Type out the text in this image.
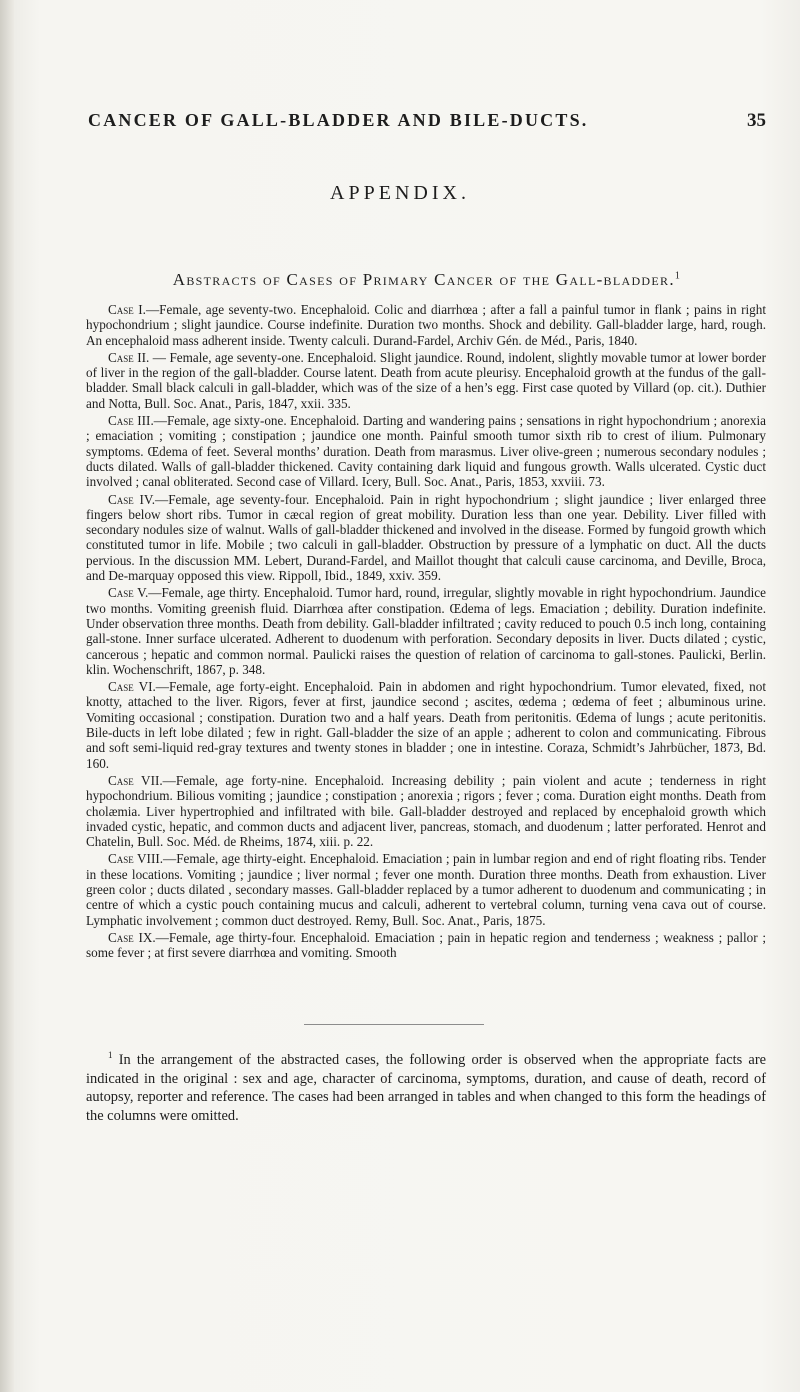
CANCER OF GALL-BLADDER AND BILE-DUCTS.	35
APPENDIX.
Abstracts of Cases of Primary Cancer of the Gall-bladder.$^1$

Case I.—Female, age seventy-two. Encephaloid. Colic and diarrhœa ; after a fall a painful tumor in flank ; pains in right hypochondrium ; slight jaundice. Course indefinite. Duration two months. Shock and debility. Gall-bladder large, hard, rough. An encephaloid mass adherent inside. Twenty calculi. Durand-Fardel, Archiv Gén. de Méd., Paris, 1840.

Case II. — Female, age seventy-one. Encephaloid. Slight jaundice. Round, indolent, slightly movable tumor at lower border of liver in the region of the gall-bladder. Course latent. Death from acute pleurisy. Encephaloid growth at the fundus of the gall-bladder. Small black calculi in gall-bladder, which was of the size of a hen’s egg. First case quoted by Villard (op. cit.). Duthier and Notta, Bull. Soc. Anat., Paris, 1847, xxii. 335.

Case III.—Female, age sixty-one. Encephaloid. Darting and wandering pains ; sensations in right hypochondrium ; anorexia ; emaciation ; vomiting ; constipation ; jaundice one month. Painful smooth tumor sixth rib to crest of ilium. Pulmonary symptoms. Œdema of feet. Several months’ duration. Death from marasmus. Liver olive-green ; numerous secondary nodules ; ducts dilated. Walls of gall-bladder thickened. Cavity containing dark liquid and fungous growth. Walls ulcerated. Cystic duct involved ; canal obliterated. Second case of Villard. Icery, Bull. Soc. Anat., Paris, 1853, xxviii. 73.

Case IV.—Female, age seventy-four. Encephaloid. Pain in right hypochondrium ; slight jaundice ; liver enlarged three fingers below short ribs. Tumor in cæcal region of great mobility. Duration less than one year. Debility. Liver filled with secondary nodules size of walnut. Walls of gall-bladder thickened and involved in the disease. Formed by fungoid growth which constituted tumor in life. Mobile ; two calculi in gall-bladder. Obstruction by pressure of a lymphatic on duct. All the ducts pervious. In the discussion MM. Lebert, Durand-Fardel, and Maillot thought that calculi cause carcinoma, and Deville, Broca, and De-marquay opposed this view. Rippoll, Ibid., 1849, xxiv. 359.

Case V.—Female, age thirty. Encephaloid. Tumor hard, round, irregular, slightly movable in right hypochondrium. Jaundice two months. Vomiting greenish fluid. Diarrhœa after constipation. Œdema of legs. Emaciation ; debility. Duration indefinite. Under observation three months. Death from debility. Gall-bladder infiltrated ; cavity reduced to pouch 0.5 inch long, containing gall-stone. Inner surface ulcerated. Adherent to duodenum with perforation. Secondary deposits in liver. Ducts dilated ; cystic, cancerous ; hepatic and common normal. Paulicki raises the question of relation of carcinoma to gall-stones. Paulicki, Berlin. klin. Wochenschrift, 1867, p. 348.

Case VI.—Female, age forty-eight. Encephaloid. Pain in abdomen and right hypochondrium. Tumor elevated, fixed, not knotty, attached to the liver. Rigors, fever at first, jaundice second ; ascites, œdema ; œdema of feet ; albuminous urine. Vomiting occasional ; constipation. Duration two and a half years. Death from peritonitis. Œdema of lungs ; acute peritonitis. Bile-ducts in left lobe dilated ; few in right. Gall-bladder the size of an apple ; adherent to colon and communicating. Fibrous and soft semi-liquid red-gray textures and twenty stones in bladder ; one in intestine. Coraza, Schmidt’s Jahrbücher, 1873, Bd. 160.

Case VII.—Female, age forty-nine. Encephaloid. Increasing debility ; pain violent and acute ; tenderness in right hypochondrium. Bilious vomiting ; jaundice ; constipation ; anorexia ; rigors ; fever ; coma. Duration eight months. Death from cholæmia. Liver hypertrophied and infiltrated with bile. Gall-bladder destroyed and replaced by encephaloid growth which invaded cystic, hepatic, and common ducts and adjacent liver, pancreas, stomach, and duodenum ; latter perforated. Henrot and Chatelin, Bull. Soc. Méd. de Rheims, 1874, xiii. p. 22.

Case VIII.—Female, age thirty-eight. Encephaloid. Emaciation ; pain in lumbar region and end of right floating ribs. Tender in these locations. Vomiting ; jaundice ; liver normal ; fever one month. Duration three months. Death from exhaustion. Liver green color ; ducts dilated , secondary masses. Gall-bladder replaced by a tumor adherent to duodenum and communicating ; in centre of which a cystic pouch containing mucus and calculi, adherent to vertebral column, turning vena cava out of course. Lymphatic involvement ; common duct destroyed. Remy, Bull. Soc. Anat., Paris, 1875.

Case IX.—Female, age thirty-four. Encephaloid. Emaciation ; pain in hepatic region and tenderness ; weakness ; pallor ; some fever ; at first severe diarrhœa and vomiting. Smooth

$^1$ In the arrangement of the abstracted cases, the following order is observed when the appropriate facts are indicated in the original : sex and age, character of carcinoma, symptoms, duration, and cause of death, record of autopsy, reporter and reference. The cases had been arranged in tables and when changed to this form the headings of the columns were omitted.
